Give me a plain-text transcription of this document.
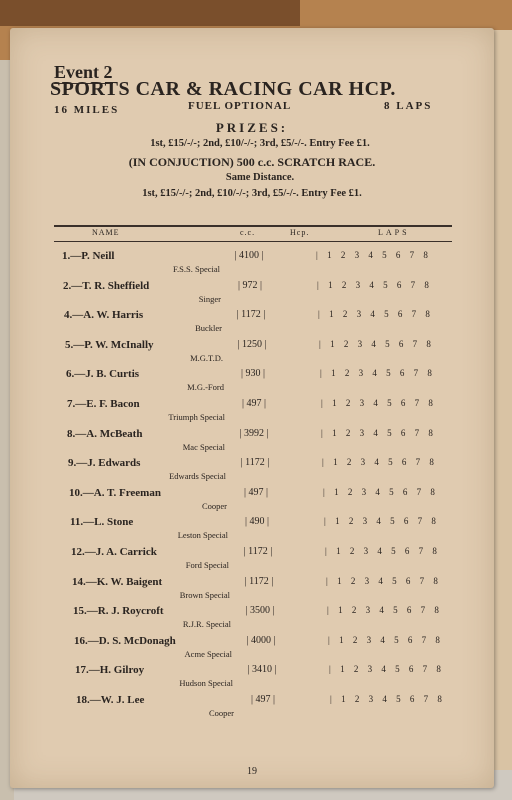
Event 2
SPORTS CAR & RACING CAR HCP.
16 MILES	FUEL OPTIONAL	8 LAPS
PRIZES:
1st, £15/-/-; 2nd, £10/-/-; 3rd, £5/-/-. Entry Fee £1.
(IN CONJUCTION) 500 c.c. SCRATCH RACE.
Same Distance.
1st, £15/-/-; 2nd, £10/-/-; 3rd, £5/-/-. Entry Fee £1.
NAME	c.c.	Hcp.	LAPS
1.—P. Neill
F.S.S. Special
| 4100 |	| 1 2 3 4 5 6 7 8
2.—T. R. Sheffield
Singer
| 972 |	| 1 2 3 4 5 6 7 8
4.—A. W. Harris
Buckler
| 1172 |	| 1 2 3 4 5 6 7 8
5.—P. W. McInally
M.G.T.D.
| 1250 |	| 1 2 3 4 5 6 7 8
6.—J. B. Curtis
M.G.-Ford
| 930 |	| 1 2 3 4 5 6 7 8
7.—E. F. Bacon
Triumph Special
| 497 |	| 1 2 3 4 5 6 7 8
8.—A. McBeath
Mac Special
| 3992 |	| 1 2 3 4 5 6 7 8
9.—J. Edwards
Edwards Special
| 1172 |	| 1 2 3 4 5 6 7 8
10.—A. T. Freeman
Cooper
| 497 |	| 1 2 3 4 5 6 7 8
11.—L. Stone
Leston Special
| 490 |	| 1 2 3 4 5 6 7 8
12.—J. A. Carrick
Ford Special
| 1172 |	| 1 2 3 4 5 6 7 8
14.—K. W. Baigent
Brown Special
| 1172 |	| 1 2 3 4 5 6 7 8
15.—R. J. Roycroft
R.J.R. Special
| 3500 |	| 1 2 3 4 5 6 7 8
16.—D. S. McDonagh
Acme Special
| 4000 |	| 1 2 3 4 5 6 7 8
17.—H. Gilroy
Hudson Special
| 3410 |	| 1 2 3 4 5 6 7 8
18.—W. J. Lee
Cooper
| 497 |	| 1 2 3 4 5 6 7 8
19
